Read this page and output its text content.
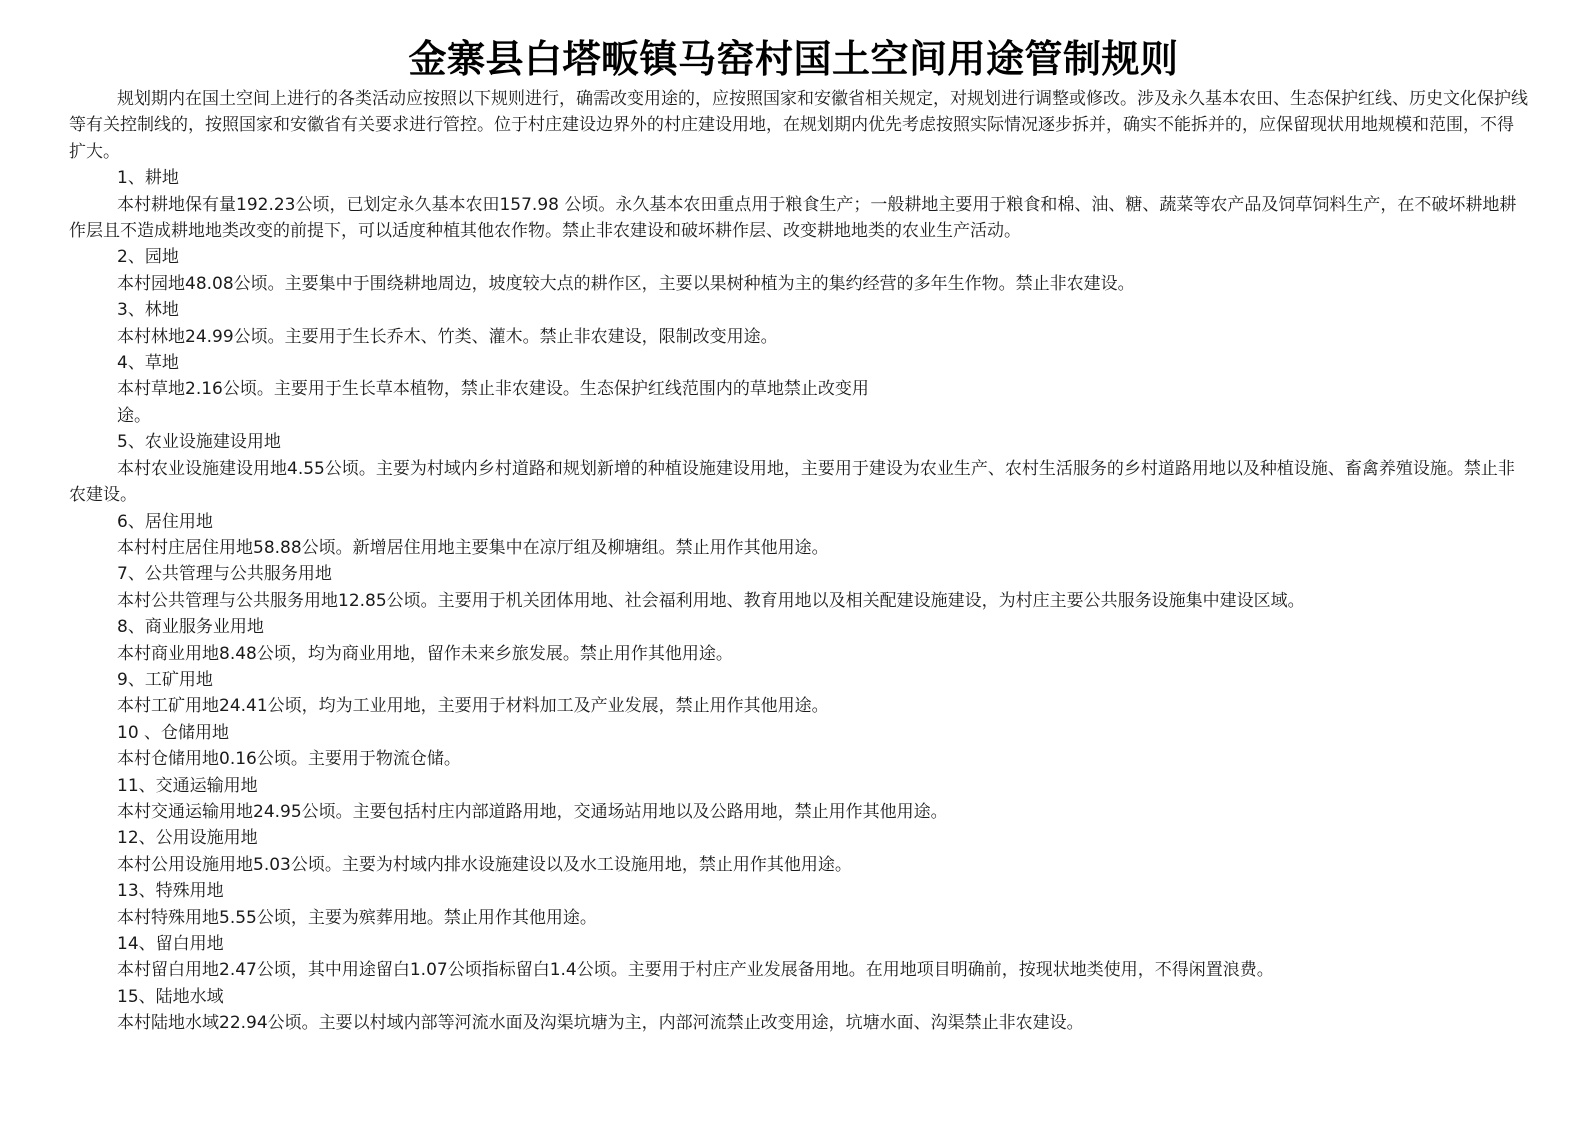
金寨县白塔畈镇马窑村国土空间用途管制规则

规划期内在国土空间上进行的各类活动应按照以下规则进行，确需改变用途的，应按照国家和安徽省相关规定，对规划进行调整或修改。涉及永久基本农田、生态保护红线、历史文化保护线等有关控制线的，按照国家和安徽省有关要求进行管控。位于村庄建设边界外的村庄建设用地，在规划期内优先考虑按照实际情况逐步拆并，确实不能拆并的，应保留现状用地规模和范围，不得扩大。

1、耕地

本村耕地保有量192.23公顷，已划定永久基本农田157.98 公顷。永久基本农田重点用于粮食生产；一般耕地主要用于粮食和棉、油、糖、蔬菜等农产品及饲草饲料生产，在不破坏耕地耕作层且不造成耕地地类改变的前提下，可以适度种植其他农作物。禁止非农建设和破坏耕作层、改变耕地地类的农业生产活动。

2、园地

本村园地48.08公顷。主要集中于围绕耕地周边，坡度较大点的耕作区，主要以果树种植为主的集约经营的多年生作物。禁止非农建设。

3、林地

本村林地24.99公顷。主要用于生长乔木、竹类、灌木。禁止非农建设，限制改变用途。

4、草地

本村草地2.16公顷。主要用于生长草本植物，禁止非农建设。生态保护红线范围内的草地禁止改变用

途。

5、农业设施建设用地

本村农业设施建设用地4.55公顷。主要为村域内乡村道路和规划新增的种植设施建设用地，主要用于建设为农业生产、农村生活服务的乡村道路用地以及种植设施、畜禽养殖设施。禁止非农建设。

6、居住用地

本村村庄居住用地58.88公顷。新增居住用地主要集中在凉厅组及柳塘组。禁止用作其他用途。

7、公共管理与公共服务用地

本村公共管理与公共服务用地12.85公顷。主要用于机关团体用地、社会福利用地、教育用地以及相关配建设施建设，为村庄主要公共服务设施集中建设区域。

8、商业服务业用地

本村商业用地8.48公顷，均为商业用地，留作未来乡旅发展。禁止用作其他用途。

9、工矿用地

本村工矿用地24.41公顷，均为工业用地，主要用于材料加工及产业发展，禁止用作其他用途。

10 、仓储用地

本村仓储用地0.16公顷。主要用于物流仓储。

11、交通运输用地

本村交通运输用地24.95公顷。主要包括村庄内部道路用地，交通场站用地以及公路用地，禁止用作其他用途。

12、公用设施用地

本村公用设施用地5.03公顷。主要为村域内排水设施建设以及水工设施用地，禁止用作其他用途。

13、特殊用地

本村特殊用地5.55公顷，主要为殡葬用地。禁止用作其他用途。

14、留白用地

本村留白用地2.47公顷，其中用途留白1.07公顷指标留白1.4公顷。主要用于村庄产业发展备用地。在用地项目明确前，按现状地类使用，不得闲置浪费。

15、陆地水域

本村陆地水域22.94公顷。主要以村域内部等河流水面及沟渠坑塘为主，内部河流禁止改变用途，坑塘水面、沟渠禁止非农建设。
